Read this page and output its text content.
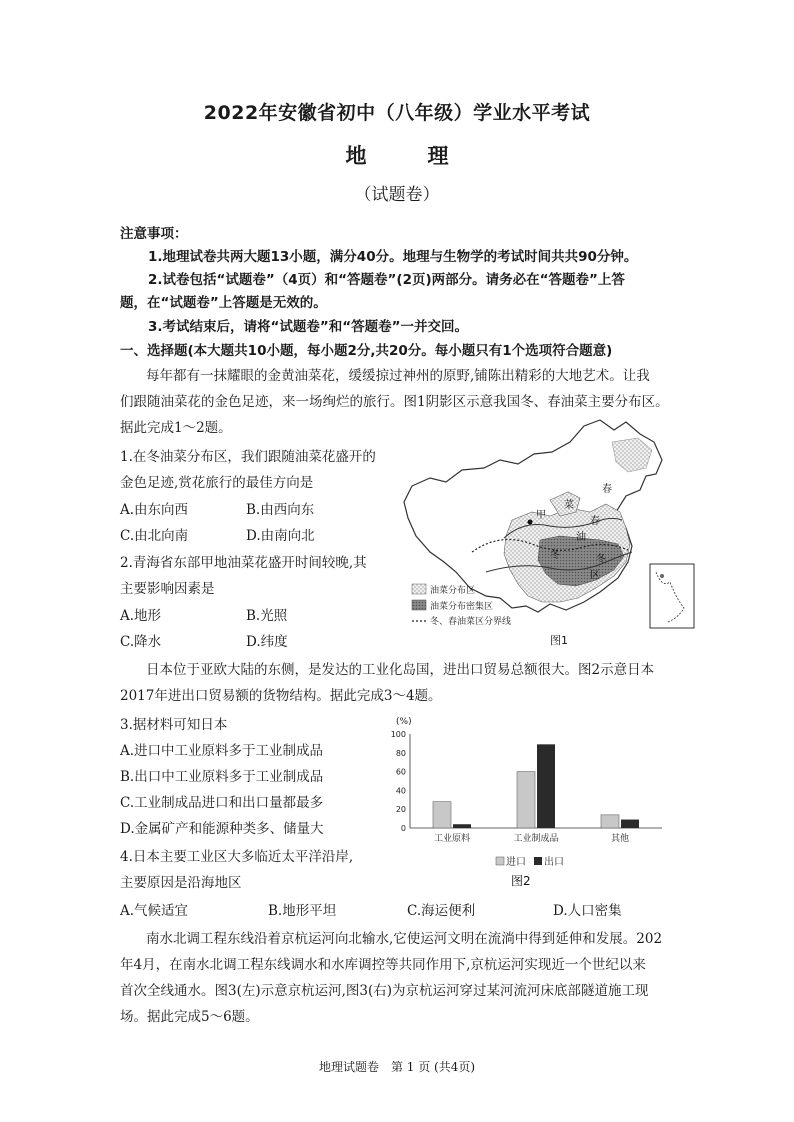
2022年安徽省初中（八年级）学业水平考试
地　理
（试题卷）
注意事项：
1.地理试卷共两大题13小题，满分40分。地理与生物学的考试时间共共90分钟。
2.试卷包括“试题卷”（4页）和“答题卷”(2页)两部分。请务必在“答题卷”上答
题，在“试题卷”上答题是无效的。
3.考试结束后，请将“试题卷”和“答题卷”一并交回。
一、选择题(本大题共10小题，每小题2分,共20分。每小题只有1个选项符合题意)
每年都有一抹耀眼的金黄油菜花，缓缓掠过神州的原野,铺陈出精彩的大地艺术。让我
们跟随油菜花的金色足迹，来一场绚烂的旅行。图1阴影区示意我国冬、春油菜主要分布区。
据此完成1～2题。
1.在冬油菜分布区，我们跟随油菜花盛开的
金色足迹,赏花旅行的最佳方向是
A.由东向西	B.由西向东
C.由北向南	D.由南向北
2.青海省东部甲地油菜花盛开时间较晚,其
主要影响因素是
A.地形	B.光照
C.降水	D.纬度
甲
春
菜
春
油
冬	冬
区
油菜分布区
油菜分布密集区
冬、春油菜区分界线
图1
日本位于亚欧大陆的东侧，是发达的工业化岛国，进出口贸易总额很大。图2示意日本
2017年进出口贸易额的货物结构。据此完成3～4题。
3.据材料可知日本
A.进口中工业原料多于工业制成品
B.出口中工业原料多于工业制成品
C.工业制成品进口和出口量都最多
D.金属矿产和能源种类多、储量大
4.日本主要工业区大多临近太平洋沿岸,
主要原因是沿海地区
A.气候适宜	B.地形平坦	C.海运便利	D.人口密集
(%)
0
20
40
60
80
100
工业原料	工业制成品	其他
进口 出口
图2
南水北调工程东线沿着京杭运河向北输水,它使运河文明在流淌中得到延伸和发展。202
年4月，在南水北调工程东线调水和水库调控等共同作用下,京杭运河实现近一个世纪以来
首次全线通水。图3(左)示意京杭运河,图3(右)为京杭运河穿过某河流河床底部隧道施工现
场。据此完成5～6题。
地理试题卷　第 1 页 (共4页)
